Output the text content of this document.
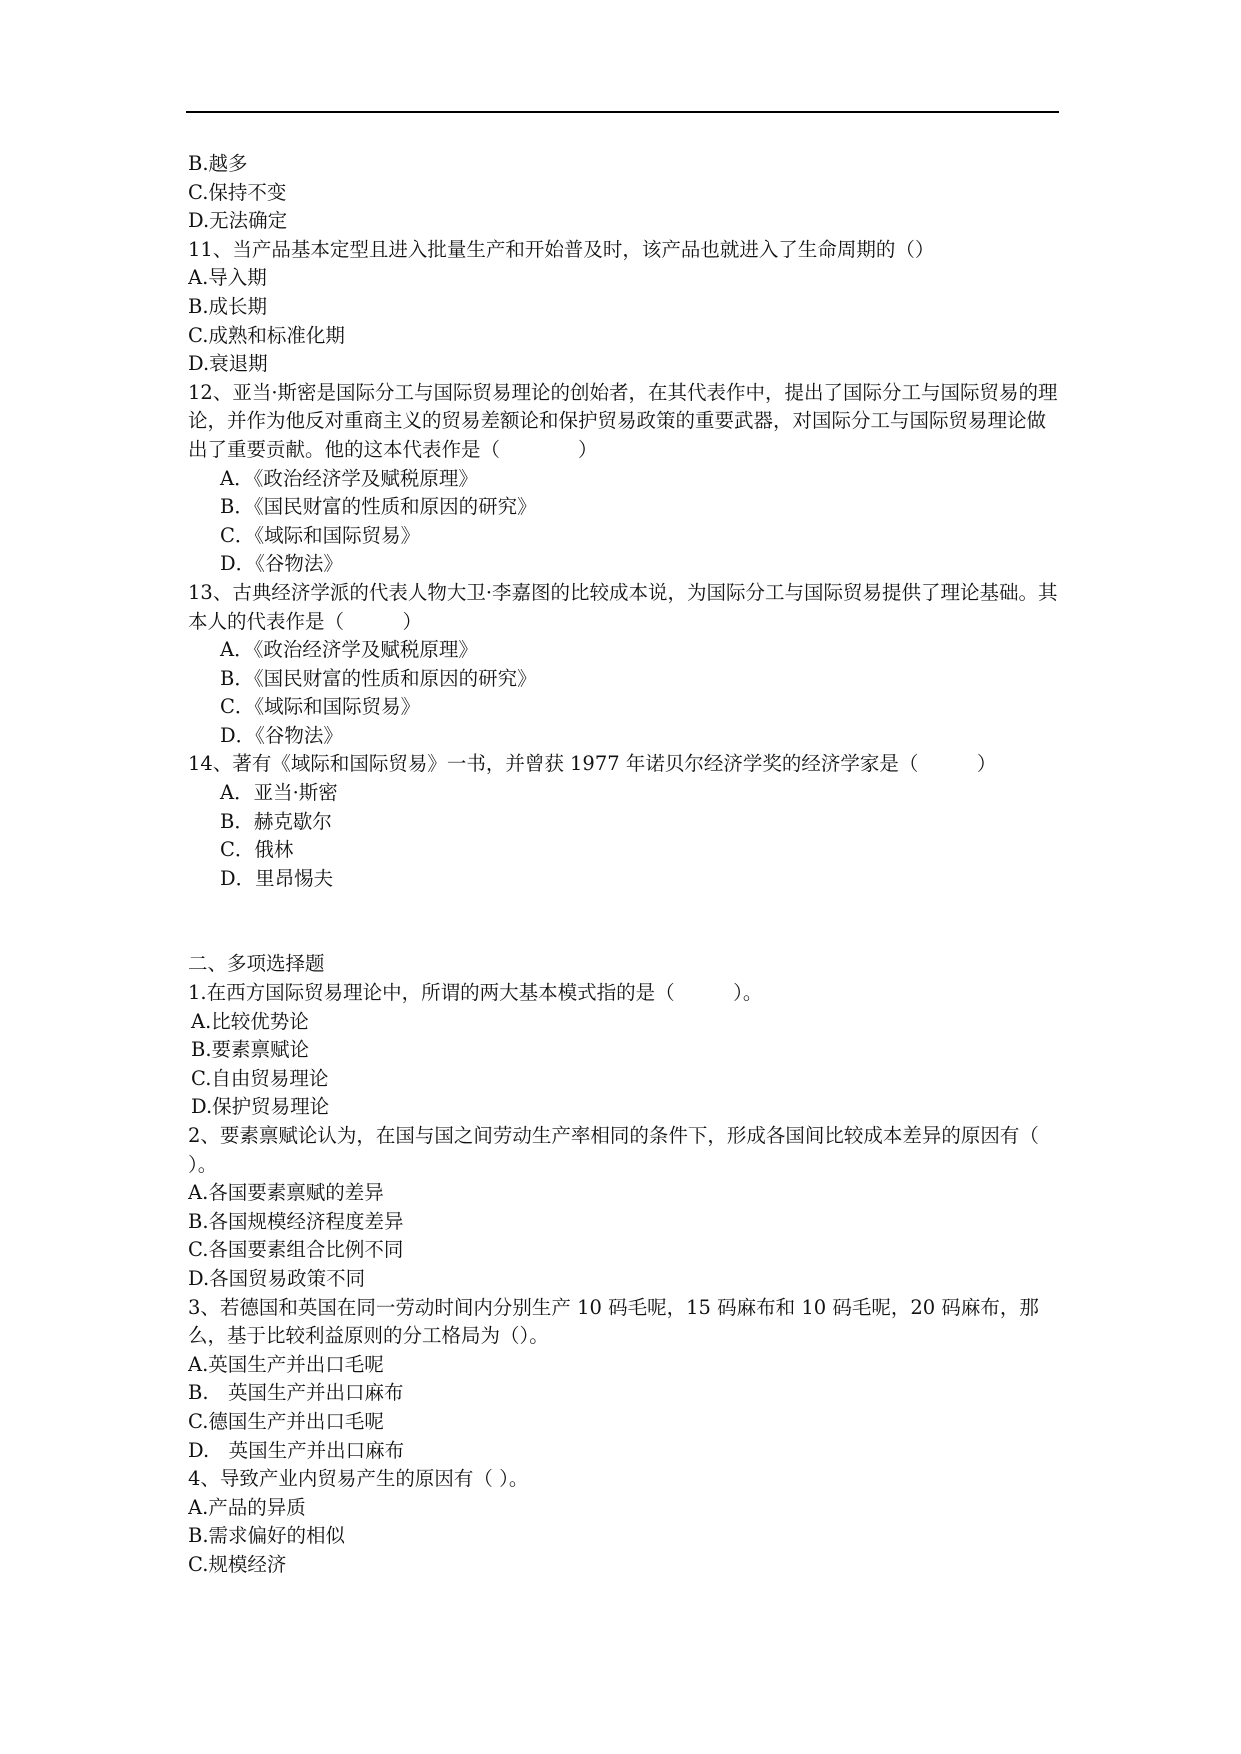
B.越多
C.保持不变
D.无法确定
11、当产品基本定型且进入批量生产和开始普及时，该产品也就进入了生命周期的（）
A.导入期
B.成长期
C.成熟和标准化期
D.衰退期
12、亚当·斯密是国际分工与国际贸易理论的创始者，在其代表作中，提出了国际分工与国际贸易的理论，并作为他反对重商主义的贸易差额论和保护贸易政策的重要武器，对国际分工与国际贸易理论做出了重要贡献。他的这本代表作是（　　　　）
A．《政治经济学及赋税原理》
B．《国民财富的性质和原因的研究》
C．《域际和国际贸易》
D．《谷物法》
13、古典经济学派的代表人物大卫·李嘉图的比较成本说，为国际分工与国际贸易提供了理论基础。其本人的代表作是（　　　）
A．《政治经济学及赋税原理》
B．《国民财富的性质和原因的研究》
C．《域际和国际贸易》
D．《谷物法》
14、著有《域际和国际贸易》一书，并曾获 1977 年诺贝尔经济学奖的经济学家是（　　　）
A．亚当·斯密
B．赫克歇尔
C．俄林
D．里昂惕夫
二、多项选择题
1.在西方国际贸易理论中，所谓的两大基本模式指的是（　　　）。
A.比较优势论
B.要素禀赋论
C.自由贸易理论
D.保护贸易理论
2、要素禀赋论认为，在国与国之间劳动生产率相同的条件下，形成各国间比较成本差异的原因有（ ）。
A.各国要素禀赋的差异
B.各国规模经济程度差异
C.各国要素组合比例不同
D.各国贸易政策不同
3、若德国和英国在同一劳动时间内分别生产 10 码毛呢，15 码麻布和 10 码毛呢，20 码麻布，那么，基于比较利益原则的分工格局为（）。
A.英国生产并出口毛呢
B.　英国生产并出口麻布
C.德国生产并出口毛呢
D.　英国生产并出口麻布
4、导致产业内贸易产生的原因有（ ）。
A.产品的异质
B.需求偏好的相似
C.规模经济
